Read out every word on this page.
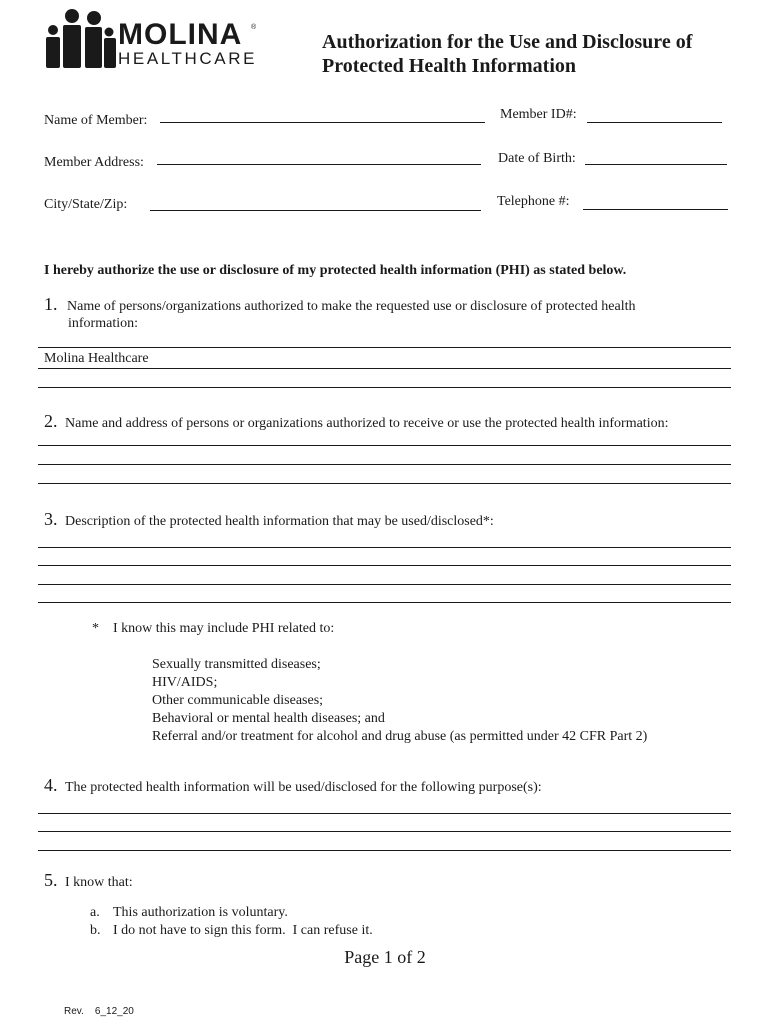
MOLINA ®
HEALTHCARE
Authorization for the Use and Disclosure of
Protected Health Information
Name of Member:	Member ID#:
Member Address:	Date of Birth:
City/State/Zip:	Telephone #:
I hereby authorize the use or disclosure of my protected health information (PHI) as stated below.
1. Name of persons/organizations authorized to make the requested use or disclosure of protected health
information:
Molina Healthcare
2. Name and address of persons or organizations authorized to receive or use the protected health information:
3. Description of the protected health information that may be used/disclosed*:
* I know this may include PHI related to:
Sexually transmitted diseases;
HIV/AIDS;
Other communicable diseases;
Behavioral or mental health diseases; and
Referral and/or treatment for alcohol and drug abuse (as permitted under 42 CFR Part 2)
4. The protected health information will be used/disclosed for the following purpose(s):
5. I know that:
a. This authorization is voluntary.
b. I do not have to sign this form.  I can refuse it.
Page 1 of 2
Rev.    6_12_20
